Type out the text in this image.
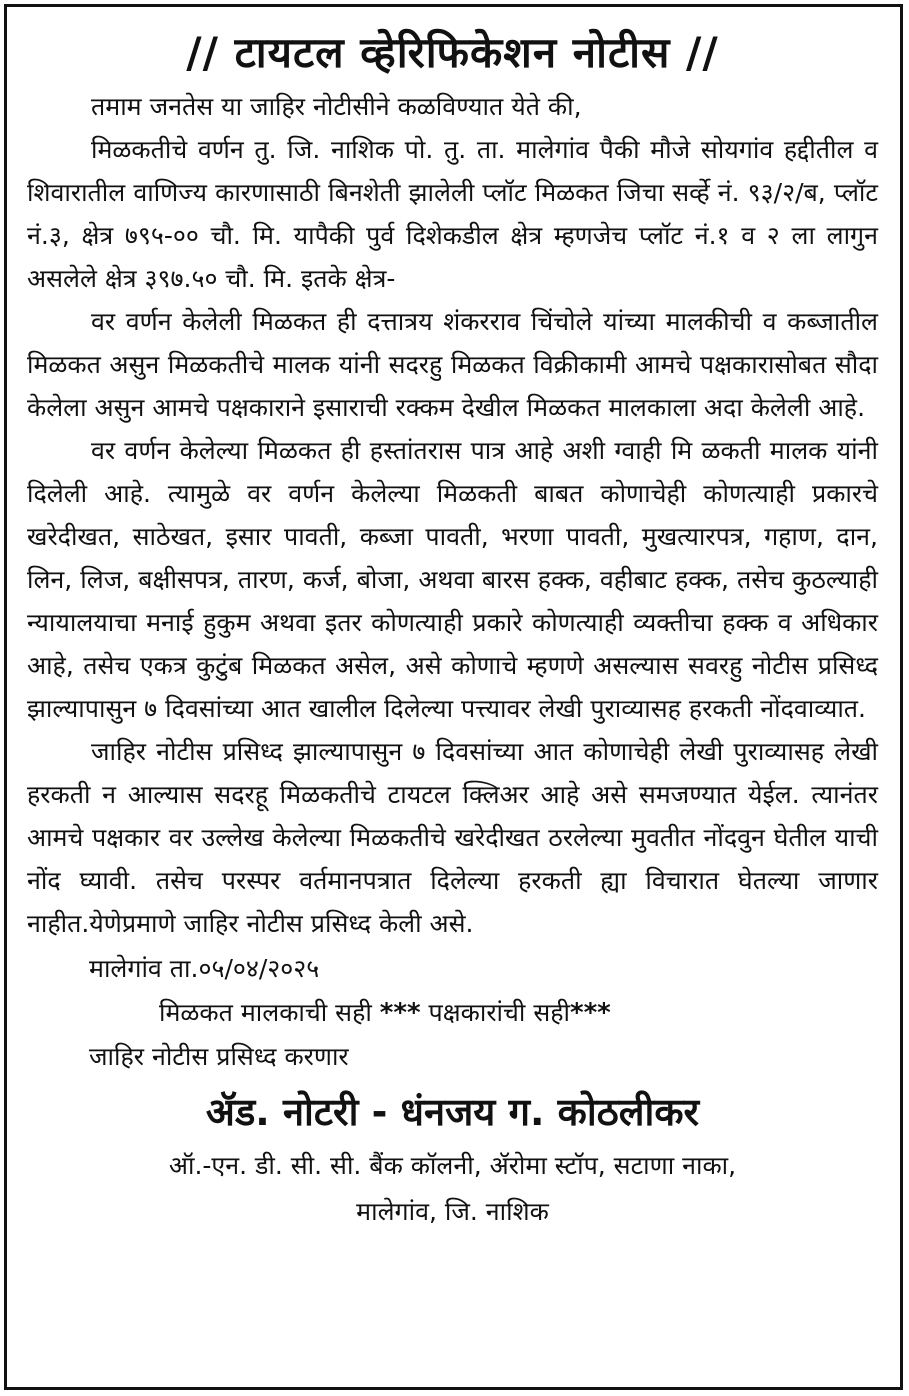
// टायटल व्हेरिफिकेशन नोटीस //

तमाम जनतेस या जाहिर नोटीसीने कळविण्यात येते की,

मिळकतीचे वर्णन तु. जि. नाशिक पो. तु. ता. मालेगांव पैकी मौजे सोयगांव हद्दीतील व शिवारातील वाणिज्य कारणासाठी बिनशेती झालेली प्लॉट मिळकत जिचा सर्व्हे नं. ९३/२/ब, प्लॉट नं.३, क्षेत्र ७९५-०० चौ. मि. यापैकी पुर्व दिशेकडील क्षेत्र म्हणजेच प्लॉट नं.१ व २ ला लागुन असलेले क्षेत्र ३९७.५० चौ. मि. इतके क्षेत्र-

वर वर्णन केलेली मिळकत ही दत्तात्रय शंकरराव चिंचोले यांच्या मालकीची व कब्जातील मिळकत असुन मिळकतीचे मालक यांनी सदरहु मिळकत विक्रीकामी आमचे पक्षकारासोबत सौदा केलेला असुन आमचे पक्षकाराने इसाराची रक्कम देखील मिळकत मालकाला अदा केलेली आहे.

वर वर्णन केलेल्या मिळकत ही हस्तांतरास पात्र आहे अशी ग्वाही मि ळकती मालक यांनी दिलेली आहे. त्यामुळे वर वर्णन केलेल्या मिळकती बाबत कोणाचेही कोणत्याही प्रकारचे खरेदीखत, साठेखत, इसार पावती, कब्जा पावती, भरणा पावती, मुखत्यारपत्र, गहाण, दान, लिन, लिज, बक्षीसपत्र, तारण, कर्ज, बोजा, अथवा बारस हक्क, वहीबाट हक्क, तसेच कुठल्याही न्यायालयाचा मनाई हुकुम अथवा इतर कोणत्याही प्रकारे कोणत्याही व्यक्तीचा हक्क व अधिकार आहे, तसेच एकत्र कुटुंब मिळकत असेल, असे कोणाचे म्हणणे असल्यास सवरहु नोटीस प्रसिध्द झाल्यापासुन ७ दिवसांच्या आत खालील दिलेल्या पत्त्यावर लेखी पुराव्यासह हरकती नोंदवाव्यात.

जाहिर नोटीस प्रसिध्द झाल्यापासुन ७ दिवसांच्या आत कोणाचेही लेखी पुराव्यासह लेखी हरकती न आल्यास सदरहू मिळकतीचे टायटल क्लिअर आहे असे समजण्यात येईल. त्यानंतर आमचे पक्षकार वर उल्लेख केलेल्या मिळकतीचे खरेदीखत ठरलेल्या मुवतीत नोंदवुन घेतील याची नोंद घ्यावी. तसेच परस्पर वर्तमानपत्रात दिलेल्या हरकती ह्या विचारात घेतल्या जाणार नाहीत.येणेप्रमाणे जाहिर नोटीस प्रसिध्द केली असे.

मालेगांव ता.०५/०४/२०२५
मिळकत मालकाची सही *** पक्षकारांची सही***
जाहिर नोटीस प्रसिध्द करणार
ॲड. नोटरी - धंनजय ग. कोठलीकर

ऑ.-एन. डी. सी. सी. बैंक कॉलनी, ॲरोमा स्टॉप, सटाणा नाका,

मालेगांव, जि. नाशिक
